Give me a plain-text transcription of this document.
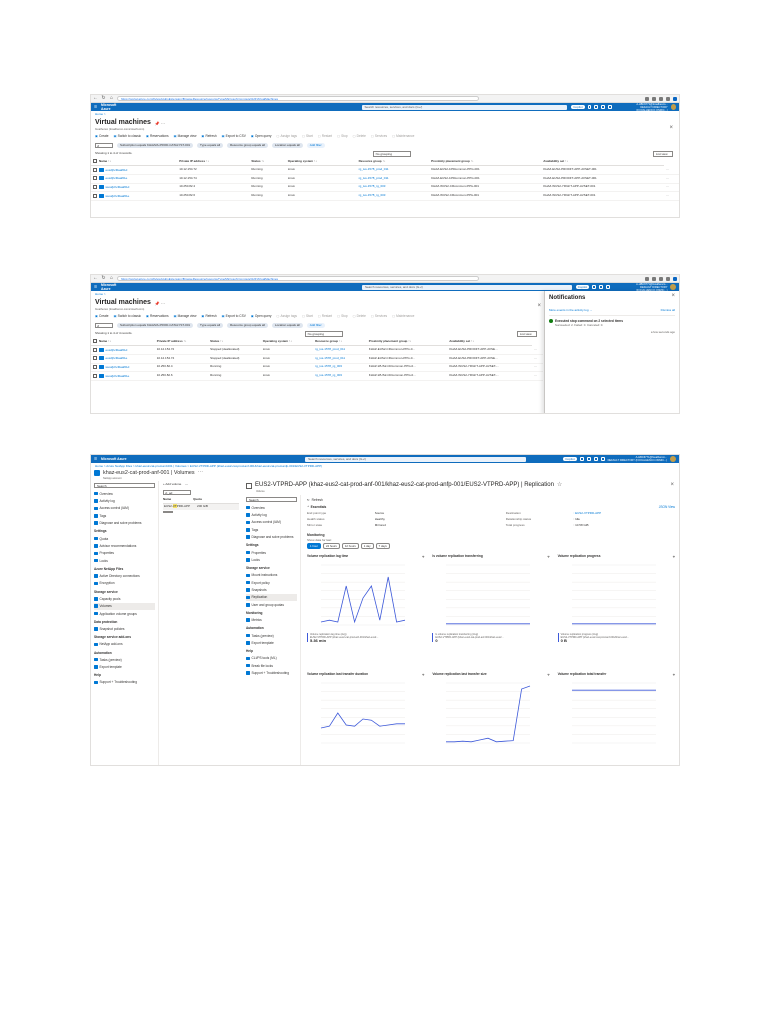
← ↻ ⌂	https://portal.azure.com/#view/HubsExtension/BrowseResource/resourceType/Microsoft.Compute%2FVirtualMachines
☰
Microsoft Azure
Search resources, services, and docs (G+/)	Copilot
A-HBC6771@fooalhenco...
DEFAULT DIRECTORY (FOOALHENCO.ONMIC...)
Home >
Virtual machines 📌 ⋯
fooalhenco (fooalhenco.onmicrosoft.com)	×
▣ Create ▣ Switch to classic ▣ Reservations ▣ Manage view ▣ Refresh ▣ Export to CSV ▣ Open query ▢ Assign tags ▢ Start ▢ Restart ▢ Stop ▢ Delete ▢ Services ▢ Maintenance
vl	Subscription equals KHAZ2A-PROD-CATALYST-001	Type equals all	Resource group equals all	Location equals all	Add filter
Showing 1 to 4 of 4 records.	No grouping	List view
Name ↑↓	Private IP address ↑↓	Status ↑↓	Operating system ↑↓	Resource group ↑↓	Proximity placement group ↑↓	Availability set ↑↓	
eus2jhcl0aaf01d	10.12.154.72	Running	Linux	rg_ius-1578_prod_011	KHAZ-EUS2-1PRcommon-PPG-001	KHAZ-EUS2-PRODFT-APP-AVSET-001	…
eus2jhcl0aaf01e	10.12.154.74	Running	Linux	rg_ius-1578_prod_011	KHAZ-EUS2-1PRcommon-PPG-001	KHAZ-EUS2-PRODFT-APP-AVSET-001	…
wus2jchcl0aaf01d	10.250.82.4	Running	Linux	rg_ius-1578_rg_003	KHAZ-WUS2-CRcommon-PPG-001	KHAZ-WUS2-YRGFT-APP-AVSET-001	…
wus2jchcl0aaf01e	10.250.82.6	Running	Linux	rg_ius-1578_rg_003	KHAZ-WUS2-CRcommon-PPG-001	KHAZ-WUS2-YRGFT-APP-AVSET-001	…
← ↻ ⌂	https://portal.azure.com/#view/HubsExtension/BrowseResource/resourceType/Microsoft.Compute%2FVirtualMachines
☰
Microsoft Azure
Search resources, services, and docs (G+/)	Copilot
A-HBC6771@fooalhenco...
DEFAULT DIRECTORY (FOOALHENCO.ONMIC...)
Home >
Virtual machines 📌 ⋯
fooalhenco (fooalhenco.onmicrosoft.com)	×
▣ Create ▣ Switch to classic ▣ Reservations ▣ Manage view ▣ Refresh ▣ Export to CSV ▣ Open query ▢ Assign tags ▢ Start ▢ Restart ▢ Stop ▢ Delete ▢ Services ▢ Maintenance
vl	Subscription equals KHAZ2A-PROD-CATALYST-001	Type equals all	Resource group equals all	Location equals all	Add filter
Showing 1 to 4 of 4 records.	No grouping	List view
Name ↑↓	Private IP address ↑↓	Status ↑↓	Operating system ↑↓	Resource group ↑↓	Proximity placement group ↑↓	Availability set ↑↓	
eus2jhcl0aaf01d	10.12.154.72	Stopped (deallocated)	Linux	rg_ius-1578_prod_011	KHAZ-EUS2-CRcommon-PPG-0...	KHAZ-EUS2-PRODFT-APP-AVSE...	…
eus2jhcl0aaf01e	10.12.154.74	Stopped (deallocated)	Linux	rg_ius-1578_prod_011	KHAZ-EUS2-CRcommon-PPG-0...	KHAZ-EUS2-PRODFT-APP-AVSE...	…
wus2jchcl0aaf01d	10.250.82.4	Running	Linux	rg_ius-1578_rg_003	KHAZ-WUS2-CRcommon-PPG-0...	KHAZ-WUS2-YRGFT-APP-AVSET-...	…
wus2jchcl0aaf01e	10.250.82.6	Running	Linux	rg_ius-1578_rg_003	KHAZ-WUS2-CRcommon-PPG-0...	KHAZ-WUS2-YRGFT-APP-AVSET-...	…
Notifications	×
More events in the activity log →	Dismiss all
Executed stop command on 2 selected items
Succeeded: 2. Failed: 0. Canceled: 0.
a few seconds ago
☰ Microsoft Azure	Search resources, services, and docs (G+/)	Copilot	A-HBC6771@fooalhenco...
DEFAULT DIRECTORY (FOOALHENCO.ONMIC...)
Home > Azure NetApp Files > khaz-eus2-cat-prod-anf-001 | Volumes > EUS2-VTPRD-APP (khaz-eus2-cat-prod-anf-001/khaz-eus2-cat-prod-anfp-001/EUS2-VTPRD-APP)
khaz-eus2-cat-prod-anf-001 | Volumes ⋯
NetApp account
Search
Overview
Activity log
Access control (IAM)
Tags
Diagnose and solve problems
Settings
Quota
Advisor recommendations
Properties
Locks
Azure NetApp Files
Active Directory connections
Encryption
Storage service
Capacity pools
Volumes
Application volume groups
Data protection
Snapshot policies
Storage service add-ons
NetApp add-ons
Automation
Tasks (preview)
Export template
Help
Support + Troubleshooting
+ Add volume ⋯
vt_ad
Name	Quota
EUS2-VTPRD-APP 200 GiB
EUS2-VTPRD-APP (khaz-eus2-cat-prod-anf-001/khaz-eus2-cat-prod-anfp-001/EUS2-VTPRD-APP) | Replication ☆
Volume
×
Search
Overview
Activity log
Access control (IAM)
Tags
Diagnose and solve problems
Settings
Properties
Locks
Storage service
Mount instructions
Export policy
Snapshots
Replication
User and group quotas
Monitoring
Metrics
Automation
Tasks (preview)
Export template
Help
CLI/PS tools (ML)
Break file locks
Support + Troubleshooting
↻ Refresh
⌃ Essentials	JSON View
End point type	Source
Health status	Healthy
Mirror state	Mirrored
Destination	: EUS2-VTPRD-APP
Relationship status	: Idle
Total progress	: 10.58 GiB
Monitoring
Show data for last:
1 hour	24 hours	12 hours	1 day	7 days
Volume replication lag time	⌖
Volume replication lag time (Avg)
EUS2-VTPRD-APP (khaz-eus2-cat-prod-anf-001/khaz-eus2...
5.36 min
Is volume replication transferring	⌖
Is volume replication transferring (Avg)
EUS2-VTPRD-APP (khaz-eus2-cat-prod-anf-001/khaz-eus2...
0
Volume replication progress	⌖
Volume replication progress (Avg)
EUS2-VTPRD-APP (khaz-eus2-cat-prod-anf-001/khaz-eus2...
0 B
Volume replication last transfer duration	⌖	Volume replication last transfer size	⌖	Volume replication total transfer	⌖
